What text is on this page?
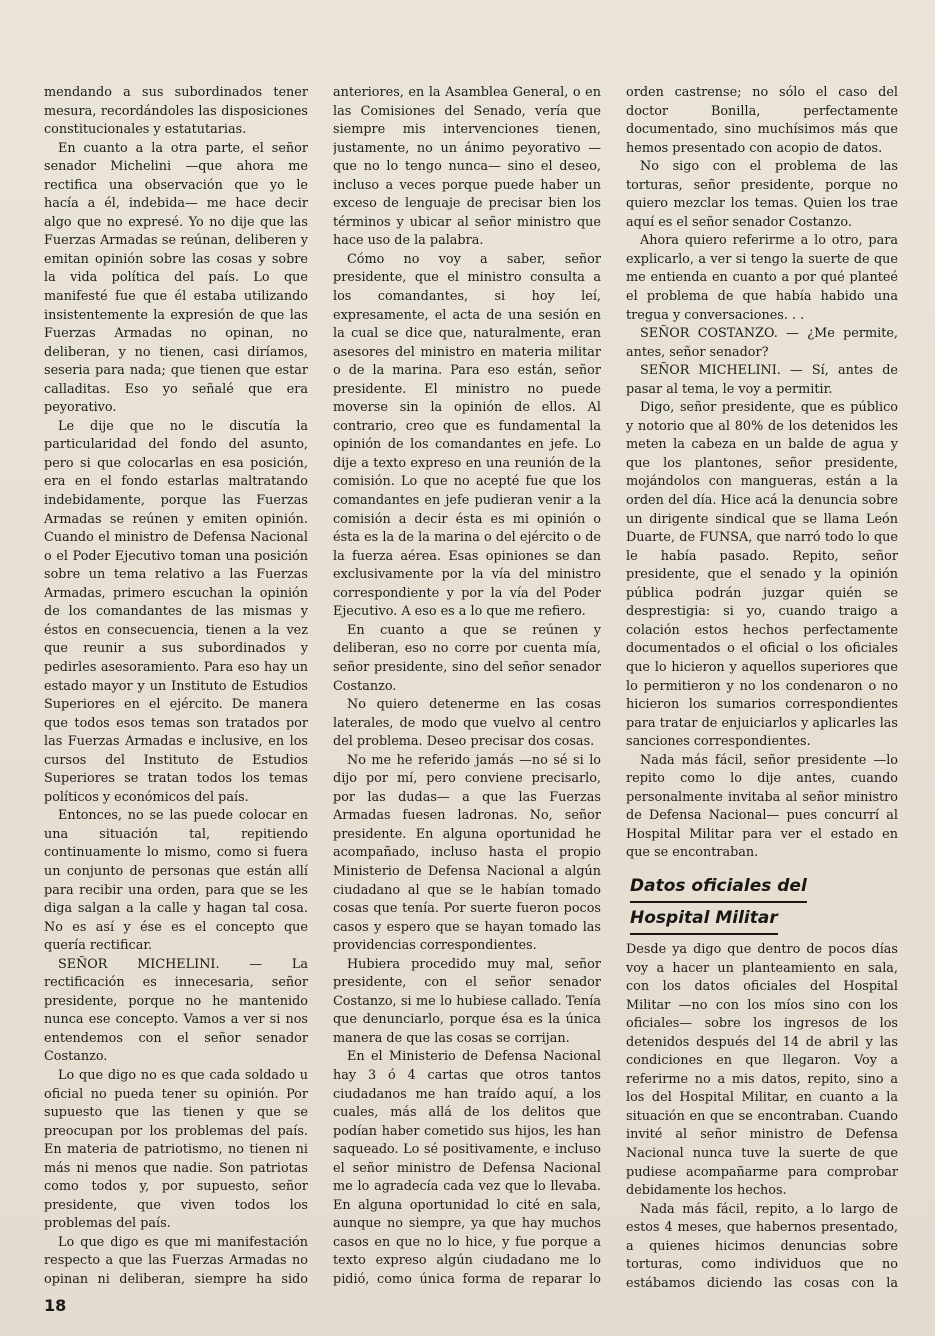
mendando a sus subordinados tener mesura, recordándoles las disposiciones constitucionales y estatutarias.

En cuanto a la otra parte, el señor senador Michelini —que ahora me rectifica una observación que yo le hacía a él, indebida— me hace decir algo que no expresé. Yo no dije que las Fuerzas Armadas se reúnan, deliberen y emitan opinión sobre las cosas y sobre la vida política del país. Lo que manifesté fue que él estaba utilizando insistentemente la expresión de que las Fuerzas Armadas no opinan, no deliberan, y no tienen, casi diríamos, seseria para nada; que tienen que estar calladitas. Eso yo señalé que era peyorativo.

Le dije que no le discutía la particularidad del fondo del asunto, pero si que colocarlas en esa posición, era en el fondo estarlas maltratando indebidamente, porque las Fuerzas Armadas se reúnen y emiten opinión. Cuando el ministro de Defensa Nacional o el Poder Ejecutivo toman una posición sobre un tema relativo a las Fuerzas Armadas, primero escuchan la opinión de los comandantes de las mismas y éstos en consecuencia, tienen a la vez que reunir a sus subordinados y pedirles asesoramiento. Para eso hay un estado mayor y un Instituto de Estudios Superiores en el ejército. De manera que todos esos temas son tratados por las Fuerzas Armadas e inclusive, en los cursos del Instituto de Estudios Superiores se tratan todos los temas políticos y económicos del país.

Entonces, no se las puede colocar en una situación tal, repitiendo continuamente lo mismo, como si fuera un conjunto de personas que están allí para recibir una orden, para que se les diga salgan a la calle y hagan tal cosa. No es así y ése es el concepto que quería rectificar.

SEÑOR MICHELINI. — La rectificación es innecesaria, señor presidente, porque no he mantenido nunca ese concepto. Vamos a ver si nos entendemos con el señor senador Costanzo.

Lo que digo no es que cada soldado u oficial no pueda tener su opinión. Por supuesto que las tienen y que se preocupan por los problemas del país. En materia de patriotismo, no tienen ni más ni menos que nadie. Son patriotas como todos y, por supuesto, señor presidente, que viven todos los problemas del país.

Lo que digo es que mi manifestación respecto a que las Fuerzas Armadas no opinan ni deliberan, siempre ha sido

anteriores, en la Asamblea General, o en las Comisiones del Senado, vería que siempre mis intervenciones tienen, justamente, no un ánimo peyorativo —que no lo tengo nunca— sino el deseo, incluso a veces porque puede haber un exceso de lenguaje de precisar bien los términos y ubicar al señor ministro que hace uso de la palabra.

Cómo no voy a saber, señor presidente, que el ministro consulta a los comandantes, si hoy leí, expresamente, el acta de una sesión en la cual se dice que, naturalmente, eran asesores del ministro en materia militar o de la marina. Para eso están, señor presidente. El ministro no puede moverse sin la opinión de ellos. Al contrario, creo que es fundamental la opinión de los comandantes en jefe. Lo dije a texto expreso en una reunión de la comisión. Lo que no acepté fue que los comandantes en jefe pudieran venir a la comisión a decir ésta es mi opinión o ésta es la de la marina o del ejército o de la fuerza aérea. Esas opiniones se dan exclusivamente por la vía del ministro correspondiente y por la vía del Poder Ejecutivo. A eso es a lo que me refiero.

En cuanto a que se reúnen y deliberan, eso no corre por cuenta mía, señor presidente, sino del señor senador Costanzo.

No quiero detenerme en las cosas laterales, de modo que vuelvo al centro del problema. Deseo precisar dos cosas.

No me he referido jamás —no sé si lo dijo por mí, pero conviene precisarlo, por las dudas— a que las Fuerzas Armadas fuesen ladronas. No, señor presidente. En alguna oportunidad he acompañado, incluso hasta el propio Ministerio de Defensa Nacional a algún ciudadano al que se le habían tomado cosas que tenía. Por suerte fueron pocos casos y espero que se hayan tomado las providencias correspondientes.

Hubiera procedido muy mal, señor presidente, con el señor senador Costanzo, si me lo hubiese callado. Tenía que denunciarlo, porque ésa es la única manera de que las cosas se corrijan.

En el Ministerio de Defensa Nacional hay 3 ó 4 cartas que otros tantos ciudadanos me han traído aquí, a los cuales, más allá de los delitos que podían haber cometido sus hijos, les han saqueado. Lo sé positivamente, e incluso el señor ministro de Defensa Nacional me lo agradecía cada vez que lo llevaba. En alguna oportunidad lo cité en sala, aunque no siempre, ya que hay muchos casos en que no lo hice, y fue porque a texto expreso algún ciudadano me lo pidió, como única forma de reparar lo

orden castrense; no sólo el caso del doctor Bonilla, perfectamente documentado, sino muchísimos más que hemos presentado con acopio de datos.

No sigo con el problema de las torturas, señor presidente, porque no quiero mezclar los temas. Quien los trae aquí es el señor senador Costanzo.

Ahora quiero referirme a lo otro, para explicarlo, a ver si tengo la suerte de que me entienda en cuanto a por qué planteé el problema de que había habido una tregua y conversaciones. . .

SEÑOR COSTANZO. — ¿Me permite, antes, señor senador?

SEÑOR MICHELINI. — Sí, antes de pasar al tema, le voy a permitir.

Digo, señor presidente, que es público y notorio que al 80% de los detenidos les meten la cabeza en un balde de agua y que los plantones, señor presidente, mojándolos con mangueras, están a la orden del día. Hice acá la denuncia sobre un dirigente sindical que se llama León Duarte, de FUNSA, que narró todo lo que le había pasado. Repito, señor presidente, que el senado y la opinión pública podrán juzgar quién se desprestigia: si yo, cuando traigo a colación estos hechos perfectamente documentados o el oficial o los oficiales que lo hicieron y aquellos superiores que lo permitieron y no los condenaron o no hicieron los sumarios correspondientes para tratar de enjuiciarlos y aplicarles las sanciones correspondientes.

Nada más fácil, señor presidente —lo repito como lo dije antes, cuando personalmente invitaba al señor ministro de Defensa Nacional— pues concurrí al Hospital Militar para ver el estado en que se encontraban.

Datos oficiales del
Hospital Militar

Desde ya digo que dentro de pocos días voy a hacer un planteamiento en sala, con los datos oficiales del Hospital Militar —no con los míos sino con los oficiales— sobre los ingresos de los detenidos después del 14 de abril y las condiciones en que llegaron. Voy a referirme no a mis datos, repito, sino a los del Hospital Militar, en cuanto a la situación en que se encontraban. Cuando invité al señor ministro de Defensa Nacional nunca tuve la suerte de que pudiese acompañarme para comprobar debidamente los hechos.

Nada más fácil, repito, a lo largo de estos 4 meses, que habernos presentado, a quienes hicimos denuncias sobre torturas, como individuos que no estábamos diciendo las cosas con la

18
